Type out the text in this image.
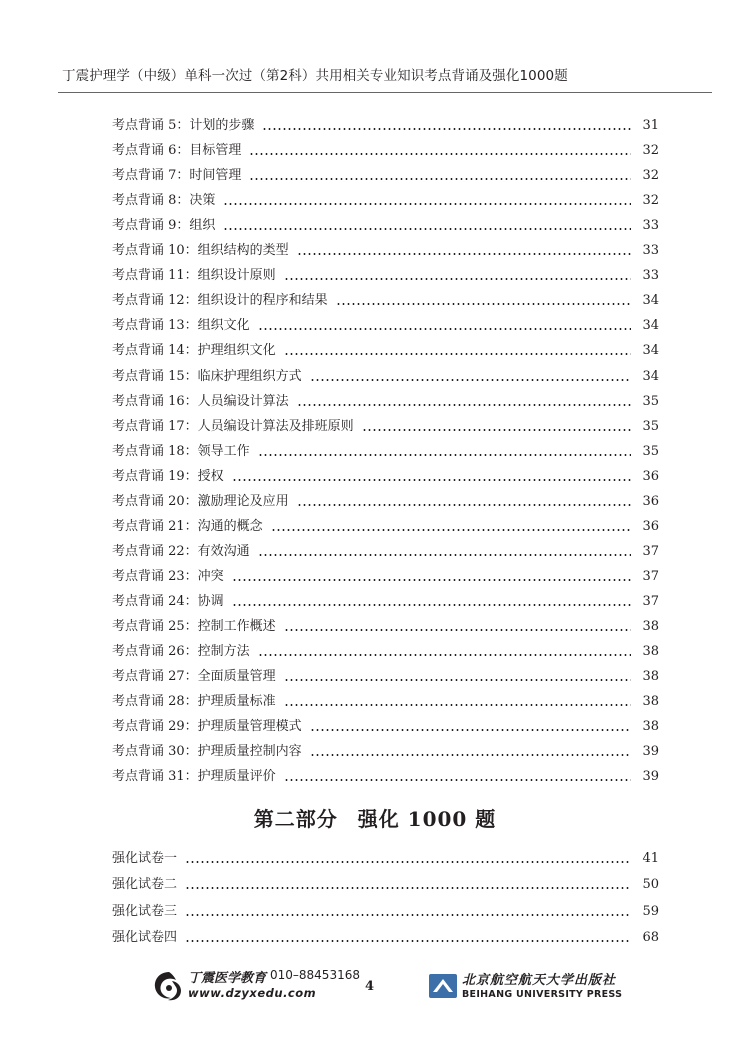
丁震护理学（中级）单科一次过（第2科）共用相关专业知识考点背诵及强化1000题
考点背诵 5：计划的步骤	31
考点背诵 6：目标管理	32
考点背诵 7：时间管理	32
考点背诵 8：决策	32
考点背诵 9：组织	33
考点背诵 10：组织结构的类型	33
考点背诵 11：组织设计原则	33
考点背诵 12：组织设计的程序和结果	34
考点背诵 13：组织文化	34
考点背诵 14：护理组织文化	34
考点背诵 15：临床护理组织方式	34
考点背诵 16：人员编设计算法	35
考点背诵 17：人员编设计算法及排班原则	35
考点背诵 18：领导工作	35
考点背诵 19：授权	36
考点背诵 20：激励理论及应用	36
考点背诵 21：沟通的概念	36
考点背诵 22：有效沟通	37
考点背诵 23：冲突	37
考点背诵 24：协调	37
考点背诵 25：控制工作概述	38
考点背诵 26：控制方法	38
考点背诵 27：全面质量管理	38
考点背诵 28：护理质量标准	38
考点背诵 29：护理质量管理模式	38
考点背诵 30：护理质量控制内容	39
考点背诵 31：护理质量评价	39
第二部分 强化 1000 题
强化试卷一	41
强化试卷二	50
强化试卷三	59
强化试卷四	68
丁震医学教育 010–88453168
www.dzyxedu.com	4	北京航空航天大学出版社
BEIHANG UNIVERSITY PRESS
